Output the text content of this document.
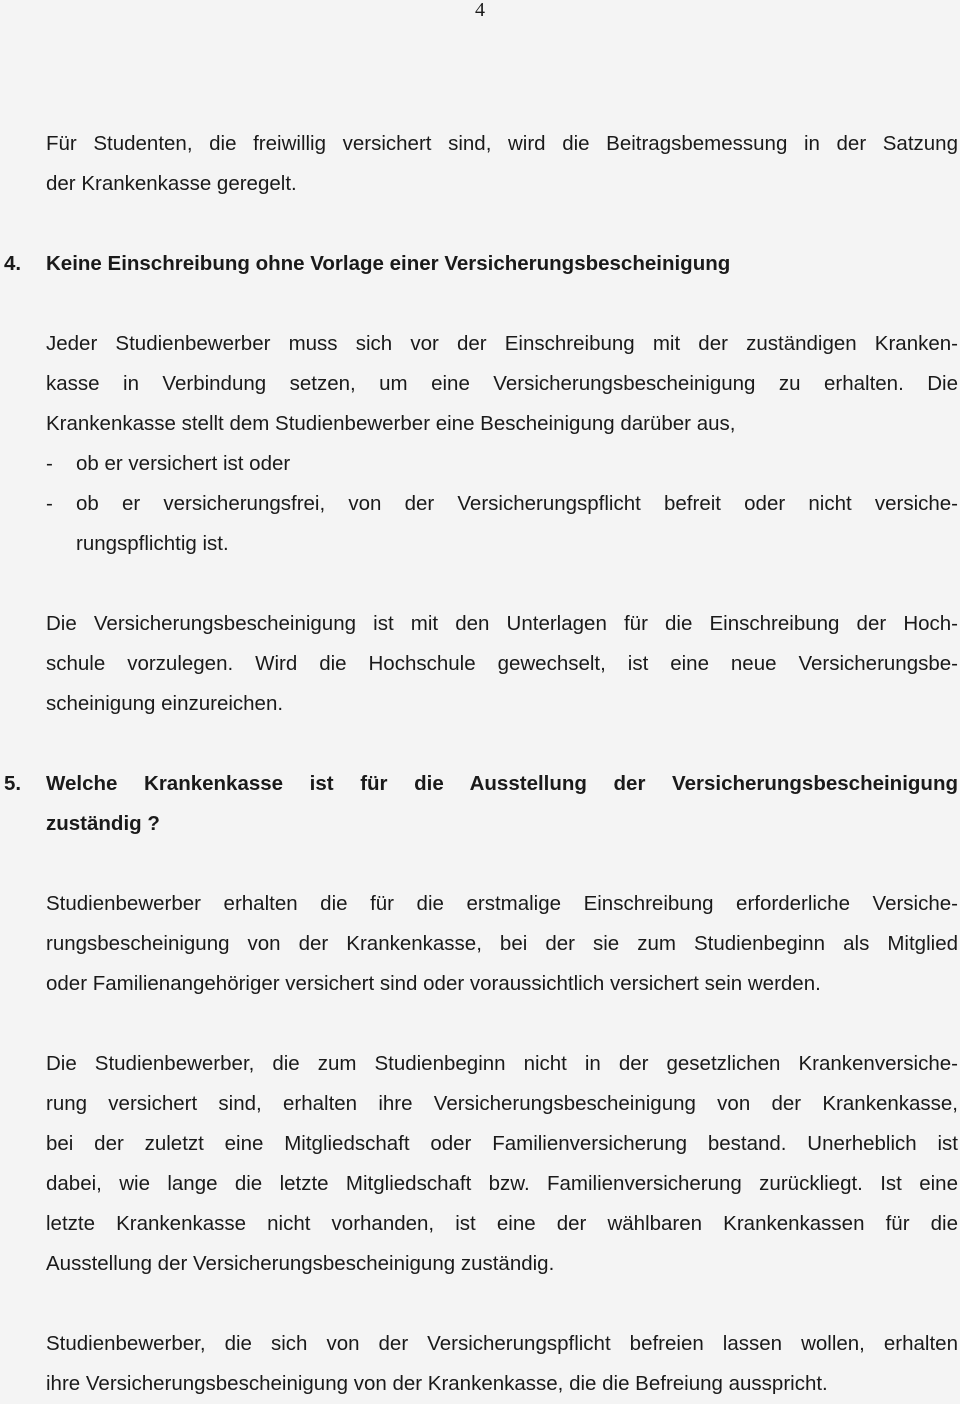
4
Für Studenten, die freiwillig versichert sind, wird die Beitragsbemessung in der Satzung
der Krankenkasse geregelt.
4. Keine Einschreibung ohne Vorlage einer Versicherungsbescheinigung
Jeder Studienbewerber muss sich vor der Einschreibung mit der zuständigen Kranken-
kasse in Verbindung setzen, um eine Versicherungsbescheinigung zu erhalten. Die
Krankenkasse stellt dem Studienbewerber eine Bescheinigung darüber aus,
- ob er versichert ist oder
- ob er versicherungsfrei, von der Versicherungspflicht befreit oder nicht versiche-
rungspflichtig ist.
Die Versicherungsbescheinigung ist mit den Unterlagen für die Einschreibung der Hoch-
schule vorzulegen. Wird die Hochschule gewechselt, ist eine neue Versicherungsbe-
scheinigung einzureichen.
5. Welche Krankenkasse ist für die Ausstellung der Versicherungsbescheinigung
zuständig ?
Studienbewerber erhalten die für die erstmalige Einschreibung erforderliche Versiche-
rungsbescheinigung von der Krankenkasse, bei der sie zum Studienbeginn als Mitglied
oder Familienangehöriger versichert sind oder voraussichtlich versichert sein werden.
Die Studienbewerber, die zum Studienbeginn nicht in der gesetzlichen Krankenversiche-
rung versichert sind, erhalten ihre Versicherungsbescheinigung von der Krankenkasse,
bei der zuletzt eine Mitgliedschaft oder Familienversicherung bestand. Unerheblich ist
dabei, wie lange die letzte Mitgliedschaft bzw. Familienversicherung zurückliegt. Ist eine
letzte Krankenkasse nicht vorhanden, ist eine der wählbaren Krankenkassen für die
Ausstellung der Versicherungsbescheinigung zuständig.
Studienbewerber, die sich von der Versicherungspflicht befreien lassen wollen, erhalten
ihre Versicherungsbescheinigung von der Krankenkasse, die die Befreiung ausspricht.
